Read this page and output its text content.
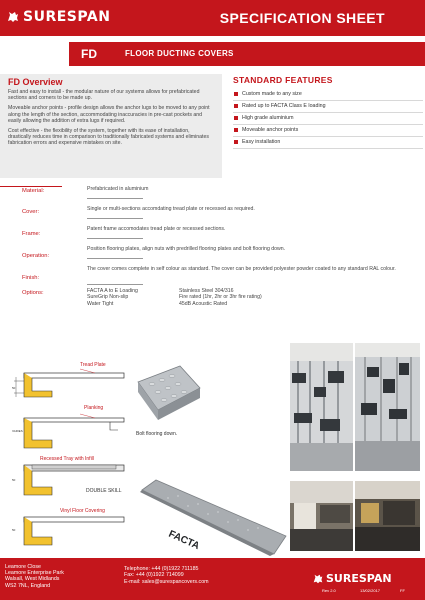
SURESPAN	SPECIFICATION SHEET
FD	FLOOR DUCTING COVERS
FD Overview

Fast and easy to install - the modular nature of our systems allows for prefabricated sections and corners to be made up.

Moveable anchor points - profile design allows the anchor lugs to be moved to any point along the length of the section, accommodating inaccuracies in pre-cast pockets and easily allowing the addition of extra lugs if required.

Cost effective - the flexibility of the system, together with its ease of installation, drastically reduces time in comparison to traditionally fabricated systems and eliminates fabrication errors and expensive mistakes on site.

STANDARD FEATURES
Custom made to any size
Rated up to FACTA Class E loading
High grade aluminium
Moveable anchor points
Easy installation
Material:	Prefabricated in aluminium
Cover:	Single or multi-sections accomdating tread plate or recessed as required.
Frame:
Patent frame accomodates tread plate or recessed sections.
Operation:
Position flooring plates, align nuts with predrilled flooring plates and bolt flooring down.
Finish:
The cover comes complete in self colour as standard. The cover can be provided polyester powder coated to any standard RAL colour.
Options:	FACTA A to E Loading	Stainless Steel 304/316
SureGrip Non-slip	Fire rated (1hr, 2hr or 3hr fire rating)
Water Tight	45dB Acoustic Rated
Tread Plate
50
Planking
VARIES
Recessed Tray with Infill
50
DOUBLE SKILL
Vinyl Floor Covering
50
Bolt flooring down.
FACTA
Leamore Close
Leamore Enterprise Park
Walsall, West Midlands
WS2 7NL, England
Telephone: +44 (0)1922 711185
Fax: +44 (0)1922 714099
E-mail: sales@surespancovers.com	SURESPAN
Rev 2.0	13/02/2017	FF
